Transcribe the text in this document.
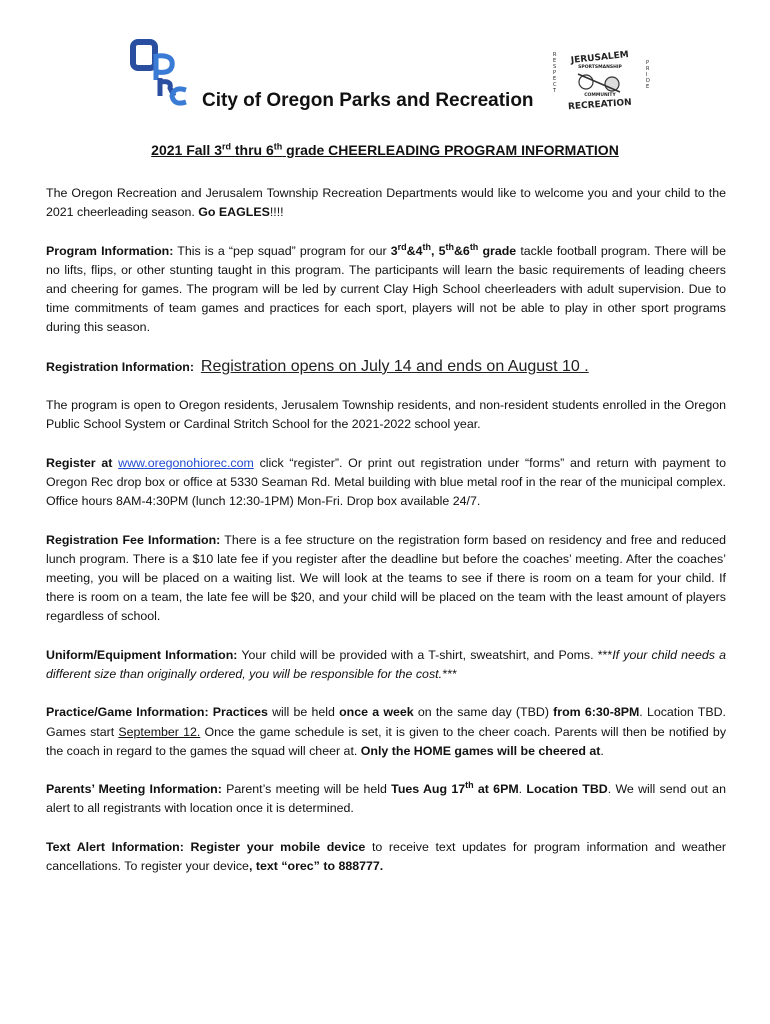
City of Oregon Parks and Recreation
R E S P E C T
P R I D E
JERUSALEM
SPORTSMANSHIP
COMMUNITY
RECREATION
2021 Fall 3rd thru 6th grade CHEERLEADING PROGRAM INFORMATION

The Oregon Recreation and Jerusalem Township Recreation Departments would like to welcome you and your child to the 2021 cheerleading season. Go EAGLES!!!!

Program Information: This is a “pep squad” program for our 3rd&4th, 5th&6th grade tackle football program. There will be no lifts, flips, or other stunting taught in this program. The participants will learn the basic requirements of leading cheers and cheering for games. The program will be led by current Clay High School cheerleaders with adult supervision. Due to time commitments of team games and practices for each sport, players will not be able to play in other sport programs during this season.

Registration Information: Registration opens on July 14 and ends on August 10 .

The program is open to Oregon residents, Jerusalem Township residents, and non-resident students enrolled in the Oregon Public School System or Cardinal Stritch School for the 2021-2022 school year.

Register at www.oregonohiorec.com click “register”. Or print out registration under “forms” and return with payment to Oregon Rec drop box or office at 5330 Seaman Rd. Metal building with blue metal roof in the rear of the municipal complex. Office hours 8AM-4:30PM (lunch 12:30-1PM) Mon-Fri. Drop box available 24/7.

Registration Fee Information: There is a fee structure on the registration form based on residency and free and reduced lunch program. There is a $10 late fee if you register after the deadline but before the coaches’ meeting. After the coaches’ meeting, you will be placed on a waiting list. We will look at the teams to see if there is room on a team for your child. If there is room on a team, the late fee will be $20, and your child will be placed on the team with the least amount of players regardless of school.

Uniform/Equipment Information: Your child will be provided with a T-shirt, sweatshirt, and Poms. ***If your child needs a different size than originally ordered, you will be responsible for the cost.***

Practice/Game Information: Practices will be held once a week on the same day (TBD) from 6:30-8PM. Location TBD. Games start September 12. Once the game schedule is set, it is given to the cheer coach. Parents will then be notified by the coach in regard to the games the squad will cheer at. Only the HOME games will be cheered at.

Parents’ Meeting Information: Parent’s meeting will be held Tues Aug 17th at 6PM. Location TBD. We will send out an alert to all registrants with location once it is determined.

Text Alert Information: Register your mobile device to receive text updates for program information and weather cancellations. To register your device, text “orec” to 888777.
